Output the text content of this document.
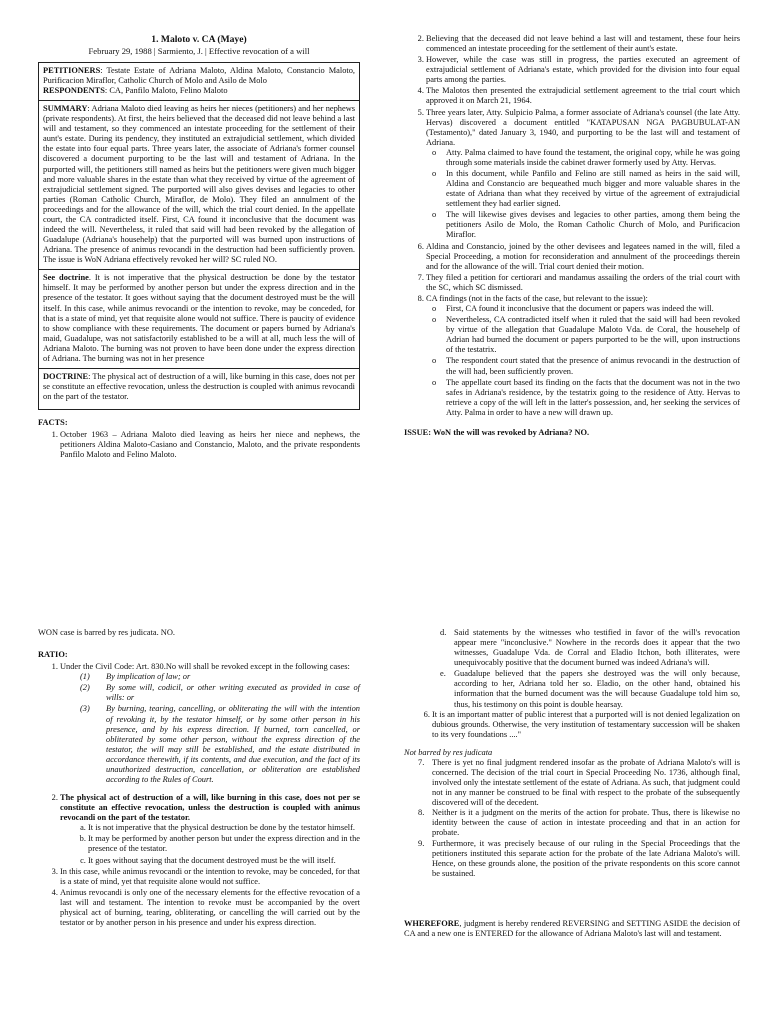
1. Maloto v. CA (Maye)
February 29, 1988 | Sarmiento, J. | Effective revocation of a will

PETITIONERS: Testate Estate of Adriana Maloto, Aldina Maloto, Constancio Maloto, Purificacion Miraflor, Catholic Church of Molo and Asilo de Molo
RESPONDENTS: CA, Panfilo Maloto, Felino Maloto

SUMMARY: Adriana Maloto died leaving as heirs her nieces (petitioners) and her nephews (private respondents). At first, the heirs believed that the deceased did not leave behind a last will and testament, so they commenced an intestate proceeding for the settlement of their aunt's estate. During its pendency, they instituted an extrajudicial settlement, which divided the estate into four equal parts. Three years later, the associate of Adriana's former counsel discovered a document purporting to be the last will and testament of Adriana. In the purported will, the petitioners still named as heirs but the petitioners were given much bigger and more valuable shares in the estate than what they received by virtue of the agreement of extrajudicial settlement signed. The purported will also gives devises and legacies to other parties (Roman Catholic Church, Miraflor, de Molo). They filed an annulment of the proceedings and for the allowance of the will, which the trial court denied. In the appellate court, the CA contradicted itself. First, CA found it inconclusive that the document was indeed the will. Nevertheless, it ruled that said will had been revoked by the allegation of Guadalupe (Adriana's househelp) that the purported will was burned upon instructions of Adriana. The presence of animus revocandi in the destruction had been sufficiently proven. The issue is WoN Adriana effectively revoked her will? SC ruled NO.

See doctrine. It is not imperative that the physical destruction be done by the testator himself. It may be performed by another person but under the express direction and in the presence of the testator. It goes without saying that the document destroyed must be the will itself. In this case, while animus revocandi or the intention to revoke, may be conceded, for that is a state of mind, yet that requisite alone would not suffice. There is paucity of evidence to show compliance with these requirements. The document or papers burned by Adriana's maid, Guadalupe, was not satisfactorily established to be a will at all, much less the will of Adriana Maloto. The burning was not proven to have been done under the express direction of Adriana. The burning was not in her presence

DOCTRINE: The physical act of destruction of a will, like burning in this case, does not per se constitute an effective revocation, unless the destruction is coupled with animus revocandi on the part of the testator.

FACTS:
1. October 1963 – Adriana Maloto died leaving as heirs her niece and nephews, the petitioners Aldina Maloto-Casiano and Constancio, Maloto, and the private respondents Panfilo Maloto and Felino Maloto.
2. Believing that the deceased did not leave behind a last will and testament, these four heirs commenced an intestate proceeding for the settlement of their aunt's estate.
3. However, while the case was still in progress, the parties executed an agreement of extrajudicial settlement of Adriana's estate, which provided for the division into four equal parts among the parties.
4. The Malotos then presented the extrajudicial settlement agreement to the trial court which approved it on March 21, 1964.
5. Three years later, Atty. Sulpicio Palma, a former associate of Adriana's counsel (the late Atty. Hervas) discovered a document entitled "KATAPUSAN NGA PAGBUBULAT-AN (Testamento)," dated January 3, 1940, and purporting to be the last will and testament of Adriana.
o Atty. Palma claimed to have found the testament, the original copy, while he was going through some materials inside the cabinet drawer formerly used by Atty. Hervas.
o In this document, while Panfilo and Felino are still named as heirs in the said will, Aldina and Constancio are bequeathed much bigger and more valuable shares in the estate of Adriana than what they received by virtue of the agreement of extrajudicial settlement they had earlier signed.
o The will likewise gives devises and legacies to other parties, among them being the petitioners Asilo de Molo, the Roman Catholic Church of Molo, and Purificacion Miraflor.
6. Aldina and Constancio, joined by the other devisees and legatees named in the will, filed a Special Proceeding, a motion for reconsideration and annulment of the proceedings therein and for the allowance of the will. Trial court denied their motion.
7. They filed a petition for certiorari and mandamus assailing the orders of the trial court with the SC, which SC dismissed.
8. CA findings (not in the facts of the case, but relevant to the issue):
o First, CA found it inconclusive that the document or papers was indeed the will.
o Nevertheless, CA contradicted itself when it ruled that the said will had been revoked by virtue of the allegation that Guadalupe Maloto Vda. de Coral, the househelp of Adrian had burned the document or papers purported to be the will, upon instructions of the testatrix.
o The respondent court stated that the presence of animus revocandi in the destruction of the will had, been sufficiently proven.
o The appellate court based its finding on the facts that the document was not in the two safes in Adriana's residence, by the testatrix going to the residence of Atty. Hervas to retrieve a copy of the will left in the latter's possession, and, her seeking the services of Atty. Palma in order to have a new will drawn up.
ISSUE: WoN the will was revoked by Adriana? NO.
WON case is barred by res judicata. NO.
RATIO:
1. Under the Civil Code: Art. 830.No will shall be revoked except in the following cases:
(1) By implication of law; or
(2) By some will, codicil, or other writing executed as provided in case of wills: or
(3) By burning, tearing, cancelling, or obliterating the will with the intention of revoking it, by the testator himself, or by some other person in his presence, and by his express direction. If burned, torn cancelled, or obliterated by some other person, without the express direction of the testator, the will may still be established, and the estate distributed in accordance therewith, if its contents, and due execution, and the fact of its unauthorized destruction, cancellation, or obliteration are established according to the Rules of Court.
2. The physical act of destruction of a will, like burning in this case, does not per se constitute an effective revocation, unless the destruction is coupled with animus revocandi on the part of the testator.
a. It is not imperative that the physical destruction be done by the testator himself.
b. It may be performed by another person but under the express direction and in the presence of the testator.
c. It goes without saying that the document destroyed must be the will itself.
3. In this case, while animus revocandi or the intention to revoke, may be conceded, for that is a state of mind, yet that requisite alone would not suffice.
4. Animus revocandi is only one of the necessary elements for the effective revocation of a last will and testament. The intention to revoke must be accompanied by the overt physical act of burning, tearing, obliterating, or cancelling the will carried out by the testator or by another person in his presence and under his express direction.
d. Said statements by the witnesses who testified in favor of the will's revocation appear mere "inconclusive." Nowhere in the records does it appear that the two witnesses, Guadalupe Vda. de Corral and Eladio Itchon, both illiterates, were unequivocably positive that the document burned was indeed Adriana's will.
e. Guadalupe believed that the papers she destroyed was the will only because, according to her, Adriana told her so. Eladio, on the other hand, obtained his information that the burned document was the will because Guadalupe told him so, thus, his testimony on this point is double hearsay.
6. It is an important matter of public interest that a purported will is not denied legalization on dubious grounds. Otherwise, the very institution of testamentary succession will be shaken to its very foundations ...."
Not barred by res judicata
7. There is yet no final judgment rendered insofar as the probate of Adriana Maloto's will is concerned. The decision of the trial court in Special Proceeding No. 1736, although final, involved only the intestate settlement of the estate of Adriana. As such, that judgment could not in any manner be construed to be final with respect to the probate of the subsequently discovered will of the decedent.
8. Neither is it a judgment on the merits of the action for probate. Thus, there is likewise no identity between the cause of action in intestate proceeding and that in an action for probate.
9. Furthermore, it was precisely because of our ruling in the Special Proceedings that the petitioners instituted this separate action for the probate of the late Adriana Maloto's will. Hence, on these grounds alone, the position of the private respondents on this score cannot be sustained.
WHEREFORE, judgment is hereby rendered REVERSING and SETTING ASIDE the decision of CA and a new one is ENTERED for the allowance of Adriana Maloto's last will and testament.
